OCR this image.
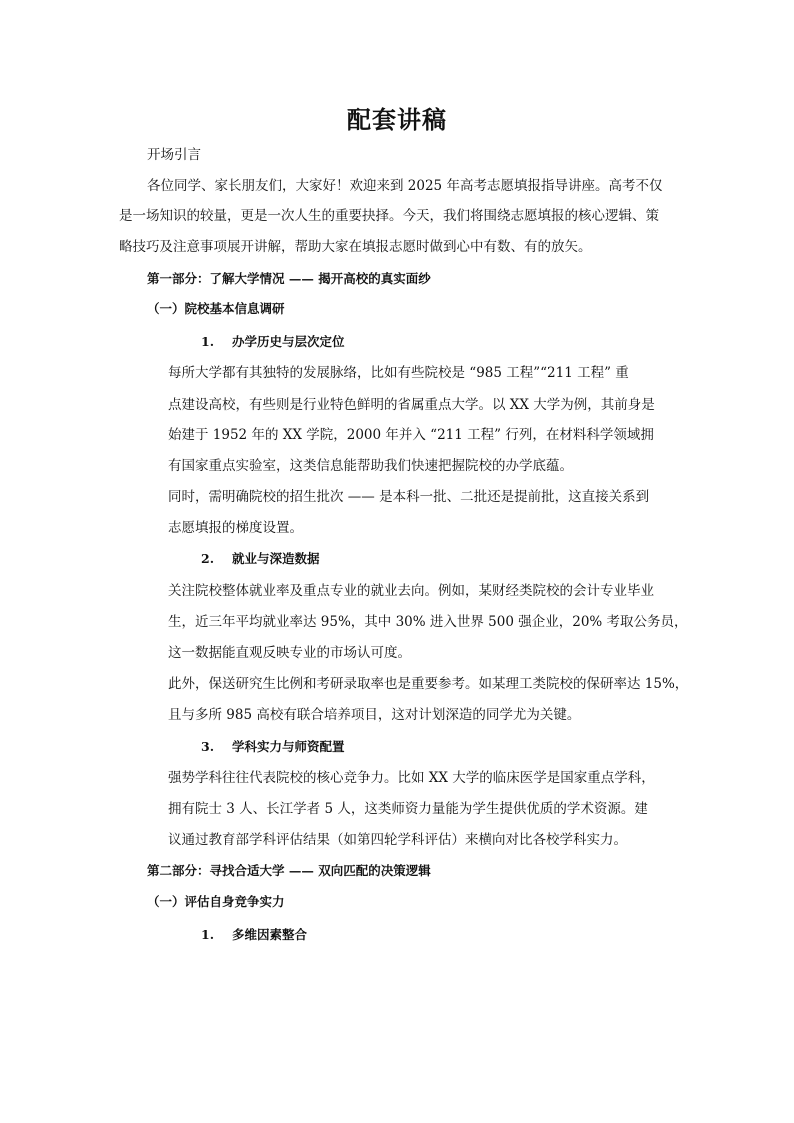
配套讲稿
开场引言
各位同学、家长朋友们，大家好！欢迎来到 2025 年高考志愿填报指导讲座。高考不仅
是一场知识的较量，更是一次人生的重要抉择。今天，我们将围绕志愿填报的核心逻辑、策
略技巧及注意事项展开讲解，帮助大家在填报志愿时做到心中有数、有的放矢。
第一部分：了解大学情况 —— 揭开高校的真实面纱
（一）院校基本信息调研
1. 办学历史与层次定位
每所大学都有其独特的发展脉络，比如有些院校是 “985 工程”“211 工程” 重
点建设高校，有些则是行业特色鲜明的省属重点大学。以 XX 大学为例，其前身是
始建于 1952 年的 XX 学院，2000 年并入 “211 工程” 行列，在材料科学领域拥
有国家重点实验室，这类信息能帮助我们快速把握院校的办学底蕴。
同时，需明确院校的招生批次 —— 是本科一批、二批还是提前批，这直接关系到
志愿填报的梯度设置。
2. 就业与深造数据
关注院校整体就业率及重点专业的就业去向。例如，某财经类院校的会计专业毕业
生，近三年平均就业率达 95%，其中 30% 进入世界 500 强企业，20% 考取公务员，
这一数据能直观反映专业的市场认可度。
此外，保送研究生比例和考研录取率也是重要参考。如某理工类院校的保研率达 15%，
且与多所 985 高校有联合培养项目，这对计划深造的同学尤为关键。
3. 学科实力与师资配置
强势学科往往代表院校的核心竞争力。比如 XX 大学的临床医学是国家重点学科，
拥有院士 3 人、长江学者 5 人，这类师资力量能为学生提供优质的学术资源。建
议通过教育部学科评估结果（如第四轮学科评估）来横向对比各校学科实力。
第二部分：寻找合适大学 —— 双向匹配的决策逻辑
（一）评估自身竞争实力
1. 多维因素整合
